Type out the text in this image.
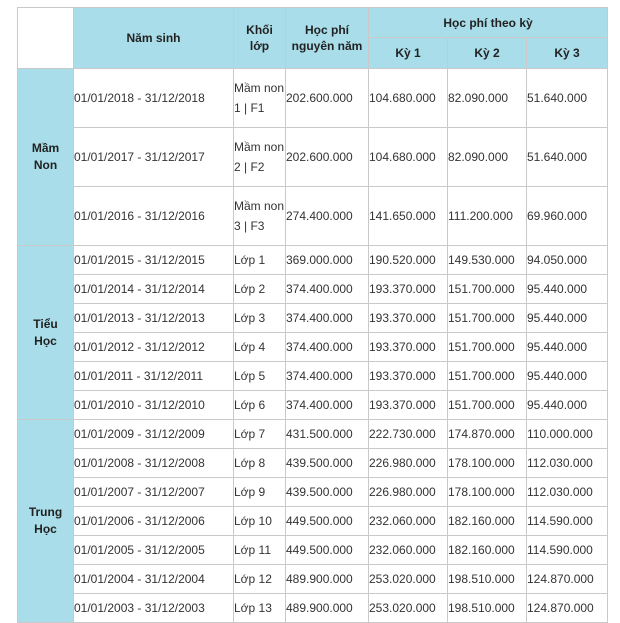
	Năm sinh	Khối lớp	Học phí nguyên năm	Học phí theo kỳ		
				Kỳ 1	Kỳ 2	Kỳ 3
Mầm Non	01/01/2018 - 31/12/2018	Mầm non 1 | F1	202.600.000	104.680.000	82.090.000	51.640.000
	01/01/2017 - 31/12/2017	Mầm non 2 | F2	202.600.000	104.680.000	82.090.000	51.640.000
	01/01/2016 - 31/12/2016	Mầm non 3 | F3	274.400.000	141.650.000	111.200.000	69.960.000
Tiểu Học	01/01/2015 - 31/12/2015	Lớp 1	369.000.000	190.520.000	149.530.000	94.050.000
	01/01/2014 - 31/12/2014	Lớp 2	374.400.000	193.370.000	151.700.000	95.440.000
	01/01/2013 - 31/12/2013	Lớp 3	374.400.000	193.370.000	151.700.000	95.440.000
	01/01/2012 - 31/12/2012	Lớp 4	374.400.000	193.370.000	151.700.000	95.440.000
	01/01/2011 - 31/12/2011	Lớp 5	374.400.000	193.370.000	151.700.000	95.440.000
	01/01/2010 - 31/12/2010	Lớp 6	374.400.000	193.370.000	151.700.000	95.440.000
Trung Học	01/01/2009 - 31/12/2009	Lớp 7	431.500.000	222.730.000	174.870.000	110.000.000
	01/01/2008 - 31/12/2008	Lớp 8	439.500.000	226.980.000	178.100.000	112.030.000
	01/01/2007 - 31/12/2007	Lớp 9	439.500.000	226.980.000	178.100.000	112.030.000
	01/01/2006 - 31/12/2006	Lớp 10	449.500.000	232.060.000	182.160.000	114.590.000
	01/01/2005 - 31/12/2005	Lớp 11	449.500.000	232.060.000	182.160.000	114.590.000
	01/01/2004 - 31/12/2004	Lớp 12	489.900.000	253.020.000	198.510.000	124.870.000
	01/01/2003 - 31/12/2003	Lớp 13	489.900.000	253.020.000	198.510.000	124.870.000
